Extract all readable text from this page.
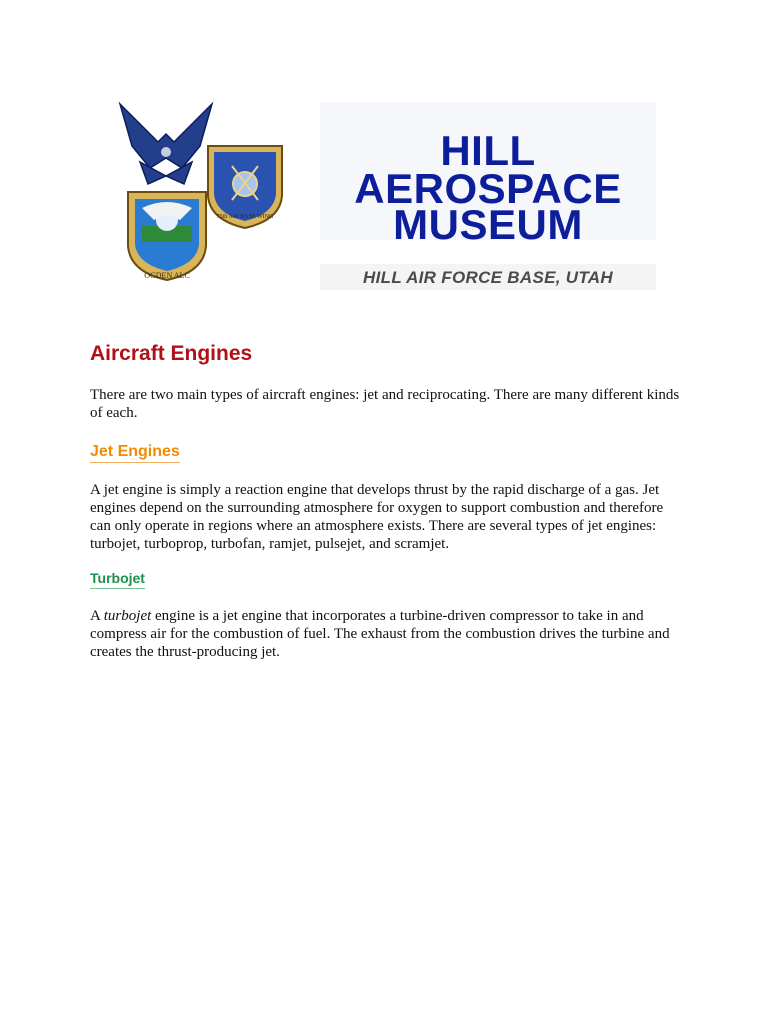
75th AIR BASE WING
OGDEN ALC
HILL
AEROSPACE
MUSEUM
HILL AIR FORCE BASE, UTAH
Aircraft Engines

There are two main types of aircraft engines: jet and reciprocating. There are many different kinds of each.

Jet Engines

A jet engine is simply a reaction engine that develops thrust by the rapid discharge of a gas. Jet engines depend on the surrounding atmosphere for oxygen to support combustion and therefore can only operate in regions where an atmosphere exists. There are several types of jet engines: turbojet, turboprop, turbofan, ramjet, pulsejet, and scramjet.

Turbojet

A turbojet engine is a jet engine that incorporates a turbine-driven compressor to take in and compress air for the combustion of fuel. The exhaust from the combustion drives the turbine and creates the thrust-producing jet.
